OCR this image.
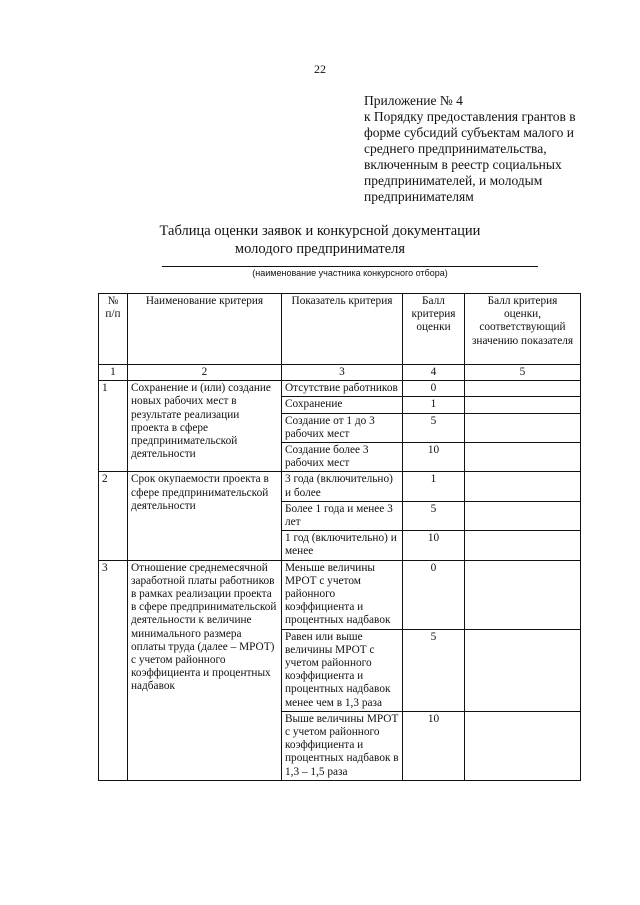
22
Приложение № 4
к Порядку предоставления грантов в
форме субсидий субъектам малого и
среднего предпринимательства,
включенным в реестр социальных
предпринимателей, и молодым
предпринимателям
Таблица оценки заявок и конкурсной документации
молодого предпринимателя
(наименование участника конкурсного отбора)
№ п/п	Наименование критерия	Показатель критерия	Балл критерия оценки	Балл критерия оценки, соответствующий значению показателя
1	2	3	4	5
1	Сохранение и (или) создание новых рабочих мест в результате реализации проекта в сфере предпринимательской деятельности	Отсутствие работников	0	
		Сохранение	1	
		Создание от 1 до 3 рабочих мест	5	
		Создание более 3 рабочих мест	10	
2	Срок окупаемости проекта в сфере предпринимательской деятельности	3 года (включительно) и более	1	
		Более 1 года и менее 3 лет	5	
		1 год (включительно) и менее	10	
3	Отношение среднемесячной заработной платы работников в рамках реализации проекта в сфере предпринимательской деятельности к величине минимального размера оплаты труда (далее – МРОТ) с учетом районного коэффициента и процентных надбавок	Меньше величины МРОТ с учетом районного коэффициента и процентных надбавок	0	
		Равен или выше величины МРОТ с учетом районного коэффициента и процентных надбавок менее чем в 1,3 раза	5	
		Выше величины МРОТ с учетом районного коэффициента и процентных надбавок в 1,3 – 1,5 раза	10	
